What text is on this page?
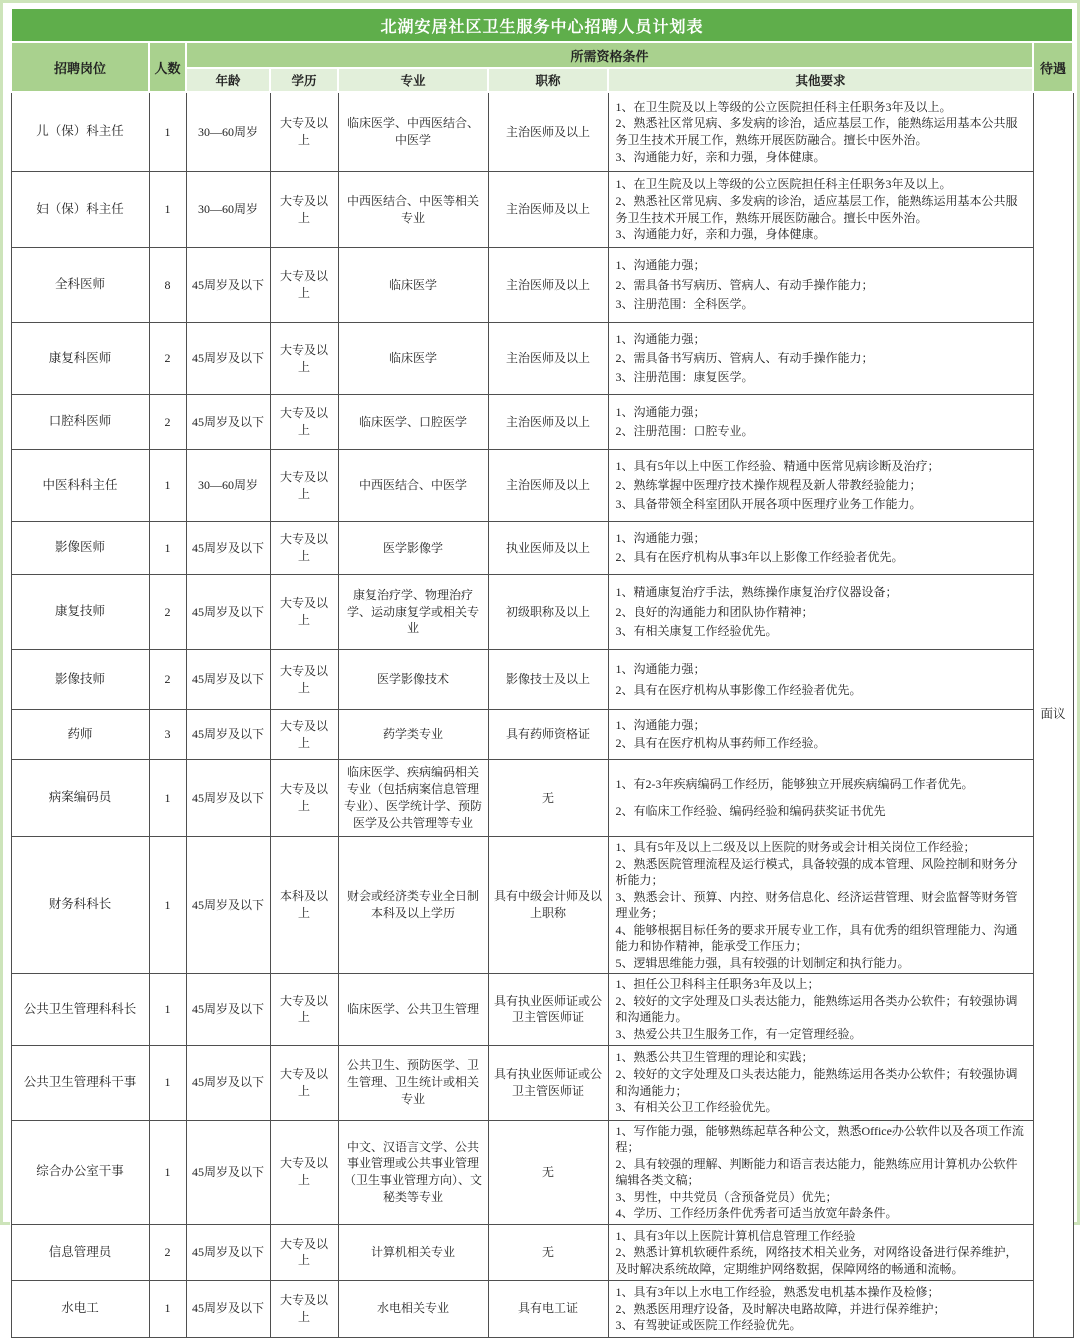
北湖安居社区卫生服务中心招聘人员计划表							
招聘岗位	人数	所需资格条件					待遇
		年龄	学历	专业	职称	其他要求	
儿（保）科主任	1	30—60周岁	大专及以上	临床医学、中西医结合、中医学	主治医师及以上	1、在卫生院及以上等级的公立医院担任科主任职务3年及以上。
2、熟悉社区常见病、多发病的诊治，适应基层工作，能熟练运用基本公共服务卫生技术开展工作，熟练开展医防融合。擅长中医外治。
3、沟通能力好，亲和力强，身体健康。	面议
妇（保）科主任	1	30—60周岁	大专及以上	中西医结合、中医等相关专业	主治医师及以上	1、在卫生院及以上等级的公立医院担任科主任职务3年及以上。
2、熟悉社区常见病、多发病的诊治，适应基层工作，能熟练运用基本公共服务卫生技术开展工作，熟练开展医防融合。擅长中医外治。
3、沟通能力好，亲和力强，身体健康。	

全科医师	8	45周岁及以下	大专及以上	临床医学	主治医师及以上	1、沟通能力强；
2、需具备书写病历、管病人、有动手操作能力；
3、注册范围：全科医学。	

康复科医师	2	45周岁及以下	大专及以上	临床医学	主治医师及以上	1、沟通能力强；
2、需具备书写病历、管病人、有动手操作能力；
3、注册范围：康复医学。	

口腔科医师	2	45周岁及以下	大专及以上	临床医学、口腔医学	主治医师及以上	1、沟通能力强；
2、注册范围：口腔专业。	

中医科科主任	1	30—60周岁	大专及以上	中西医结合、中医学	主治医师及以上	1、具有5年以上中医工作经验、精通中医常见病诊断及治疗；
2、熟练掌握中医理疗技术操作规程及新人带教经验能力；
3、具备带领全科室团队开展各项中医理疗业务工作能力。	

影像医师	1	45周岁及以下	大专及以上	医学影像学	执业医师及以上	1、沟通能力强；
2、具有在医疗机构从事3年以上影像工作经验者优先。	

康复技师	2	45周岁及以下	大专及以上	康复治疗学、物理治疗学、运动康复学或相关专业	初级职称及以上	1、精通康复治疗手法，熟练操作康复治疗仪器设备；
2、良好的沟通能力和团队协作精神；
3、有相关康复工作经验优先。	

影像技师	2	45周岁及以下	大专及以上	医学影像技术	影像技士及以上	1、沟通能力强；
2、具有在医疗机构从事影像工作经验者优先。	

药师	3	45周岁及以下	大专及以上	药学类专业	具有药师资格证	1、沟通能力强；
2、具有在医疗机构从事药师工作经验。	

病案编码员	1	45周岁及以下	大专及以上	临床医学、疾病编码相关专业（包括病案信息管理专业）、医学统计学、预防医学及公共管理等专业	无	1、有2-3年疾病编码工作经历，能够独立开展疾病编码工作者优先。
2、有临床工作经验、编码经验和编码获奖证书优先	

财务科科长	1	45周岁及以下	本科及以上	财会或经济类专业全日制本科及以上学历	具有中级会计师及以上职称	1、具有5年及以上二级及以上医院的财务或会计相关岗位工作经验；
2、熟悉医院管理流程及运行模式，具备较强的成本管理、风险控制和财务分析能力；
3、熟悉会计、预算、内控、财务信息化、经济运营管理、财会监督等财务管理业务；
4、能够根据目标任务的要求开展专业工作，具有优秀的组织管理能力、沟通能力和协作精神，能承受工作压力；
5、逻辑思维能力强，具有较强的计划制定和执行能力。	

公共卫生管理科科长	1	45周岁及以下	大专及以上	临床医学、公共卫生管理	具有执业医师证或公卫主管医师证	1、担任公卫科科主任职务3年及以上；
2、较好的文字处理及口头表达能力，能熟练运用各类办公软件；有较强协调和沟通能力。
3、热爱公共卫生服务工作，有一定管理经验。	

公共卫生管理科干事	1	45周岁及以下	大专及以上	公共卫生、预防医学、卫生管理、卫生统计或相关专业	具有执业医师证或公卫主管医师证	1、熟悉公共卫生管理的理论和实践；
2、较好的文字处理及口头表达能力，能熟练运用各类办公软件；有较强协调和沟通能力；
3、有相关公卫工作经验优先。	

综合办公室干事	1	45周岁及以下	大专及以上	中文、汉语言文学、公共事业管理或公共事业管理（卫生事业管理方向）、文秘类等专业	无	1、写作能力强，能够熟练起草各种公文，熟悉Office办公软件以及各项工作流程；
2、具有较强的理解、判断能力和语言表达能力，能熟练应用计算机办公软件编辑各类文稿；
3、男性，中共党员（含预备党员）优先；
4、学历、工作经历条件优秀者可适当放宽年龄条件。	

信息管理员	2	45周岁及以下	大专及以上	计算机相关专业	无	1、具有3年以上医院计算机信息管理工作经验
2、熟悉计算机软硬件系统，网络技术相关业务，对网络设备进行保养维护，及时解决系统故障，定期维护网络数据，保障网络的畅通和流畅。	

水电工	1	45周岁及以下	大专及以上	水电相关专业	具有电工证	1、具有3年以上水电工作经验，熟悉发电机基本操作及检修；
2、熟悉医用理疗设备，及时解决电路故障，并进行保养维护；
3、有驾驶证或医院工作经验优先。	
